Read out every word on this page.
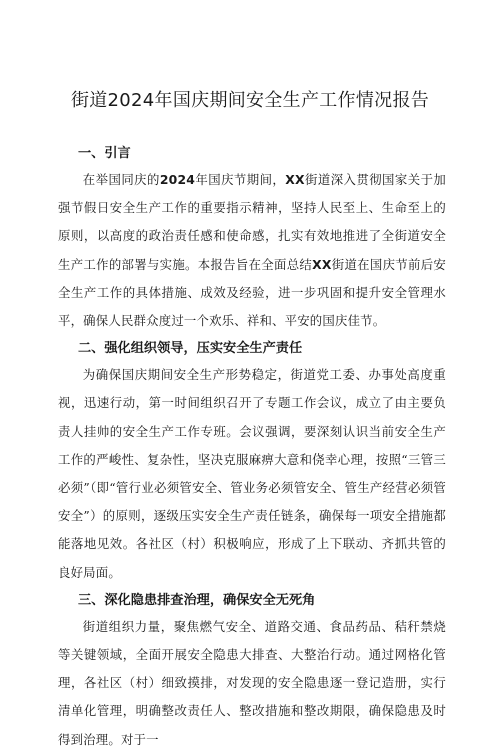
街道2024年国庆期间安全生产工作情况报告
一、引言

在举国同庆的2024年国庆节期间，XX街道深入贯彻国家关于加强节假日安全生产工作的重要指示精神，坚持人民至上、生命至上的原则，以高度的政治责任感和使命感，扎实有效地推进了全街道安全生产工作的部署与实施。本报告旨在全面总结XX街道在国庆节前后安全生产工作的具体措施、成效及经验，进一步巩固和提升安全管理水平，确保人民群众度过一个欢乐、祥和、平安的国庆佳节。

二、强化组织领导，压实安全生产责任

为确保国庆期间安全生产形势稳定，街道党工委、办事处高度重视，迅速行动，第一时间组织召开了专题工作会议，成立了由主要负责人挂帅的安全生产工作专班。会议强调，要深刻认识当前安全生产工作的严峻性、复杂性，坚决克服麻痹大意和侥幸心理，按照“三管三必须”（即“管行业必须管安全、管业务必须管安全、管生产经营必须管安全”）的原则，逐级压实安全生产责任链条，确保每一项安全措施都能落地见效。各社区（村）积极响应，形成了上下联动、齐抓共管的良好局面。

三、深化隐患排查治理，确保安全无死角

街道组织力量，聚焦燃气安全、道路交通、食品药品、秸秆禁烧等关键领域，全面开展安全隐患大排查、大整治行动。通过网格化管理，各社区（村）细致摸排，对发现的安全隐患逐一登记造册，实行清单化管理，明确整改责任人、整改措施和整改期限，确保隐患及时得到治理。对于一
